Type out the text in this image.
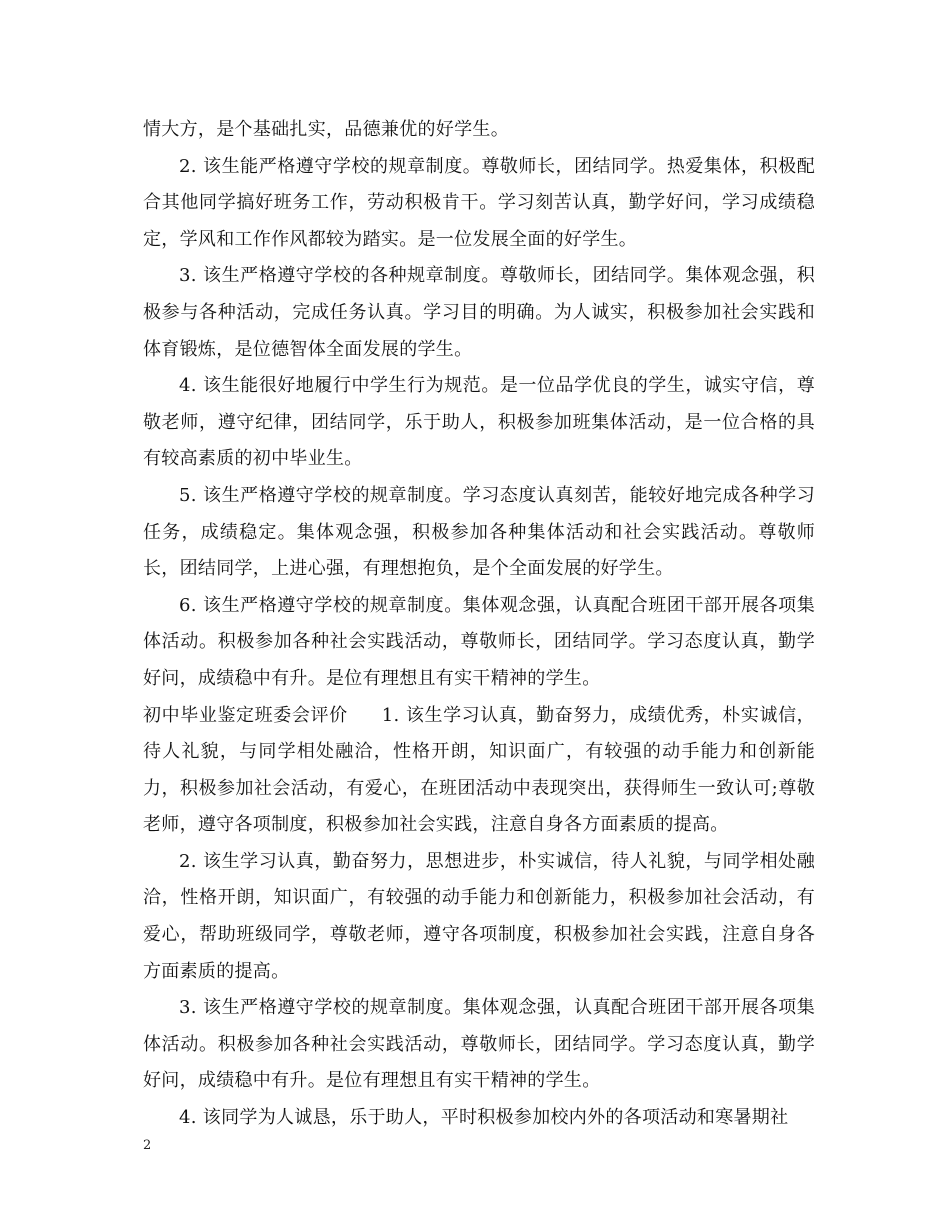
情大方，是个基础扎实，品德兼优的好学生。

2. 该生能严格遵守学校的规章制度。尊敬师长，团结同学。热爱集体，积极配合其他同学搞好班务工作，劳动积极肯干。学习刻苦认真，勤学好问，学习成绩稳定，学风和工作作风都较为踏实。是一位发展全面的好学生。

3. 该生严格遵守学校的各种规章制度。尊敬师长，团结同学。集体观念强，积极参与各种活动，完成任务认真。学习目的明确。为人诚实，积极参加社会实践和体育锻炼，是位德智体全面发展的学生。

4. 该生能很好地履行中学生行为规范。是一位品学优良的学生，诚实守信，尊敬老师，遵守纪律，团结同学，乐于助人，积极参加班集体活动，是一位合格的具有较高素质的初中毕业生。

5. 该生严格遵守学校的规章制度。学习态度认真刻苦，能较好地完成各种学习任务，成绩稳定。集体观念强，积极参加各种集体活动和社会实践活动。尊敬师长，团结同学，上进心强，有理想抱负，是个全面发展的好学生。

6. 该生严格遵守学校的规章制度。集体观念强，认真配合班团干部开展各项集体活动。积极参加各种社会实践活动，尊敬师长，团结同学。学习态度认真，勤学好问，成绩稳中有升。是位有理想且有实干精神的学生。

初中毕业鉴定班委会评价 1. 该生学习认真，勤奋努力，成绩优秀，朴实诚信，待人礼貌，与同学相处融洽，性格开朗，知识面广，有较强的动手能力和创新能力，积极参加社会活动，有爱心，在班团活动中表现突出，获得师生一致认可;尊敬老师，遵守各项制度，积极参加社会实践，注意自身各方面素质的提高。

2. 该生学习认真，勤奋努力，思想进步，朴实诚信，待人礼貌，与同学相处融洽，性格开朗，知识面广，有较强的动手能力和创新能力，积极参加社会活动，有爱心，帮助班级同学，尊敬老师，遵守各项制度，积极参加社会实践，注意自身各方面素质的提高。

3. 该生严格遵守学校的规章制度。集体观念强，认真配合班团干部开展各项集体活动。积极参加各种社会实践活动，尊敬师长，团结同学。学习态度认真，勤学好问，成绩稳中有升。是位有理想且有实干精神的学生。

4. 该同学为人诚恳，乐于助人，平时积极参加校内外的各项活动和寒暑期社

2
